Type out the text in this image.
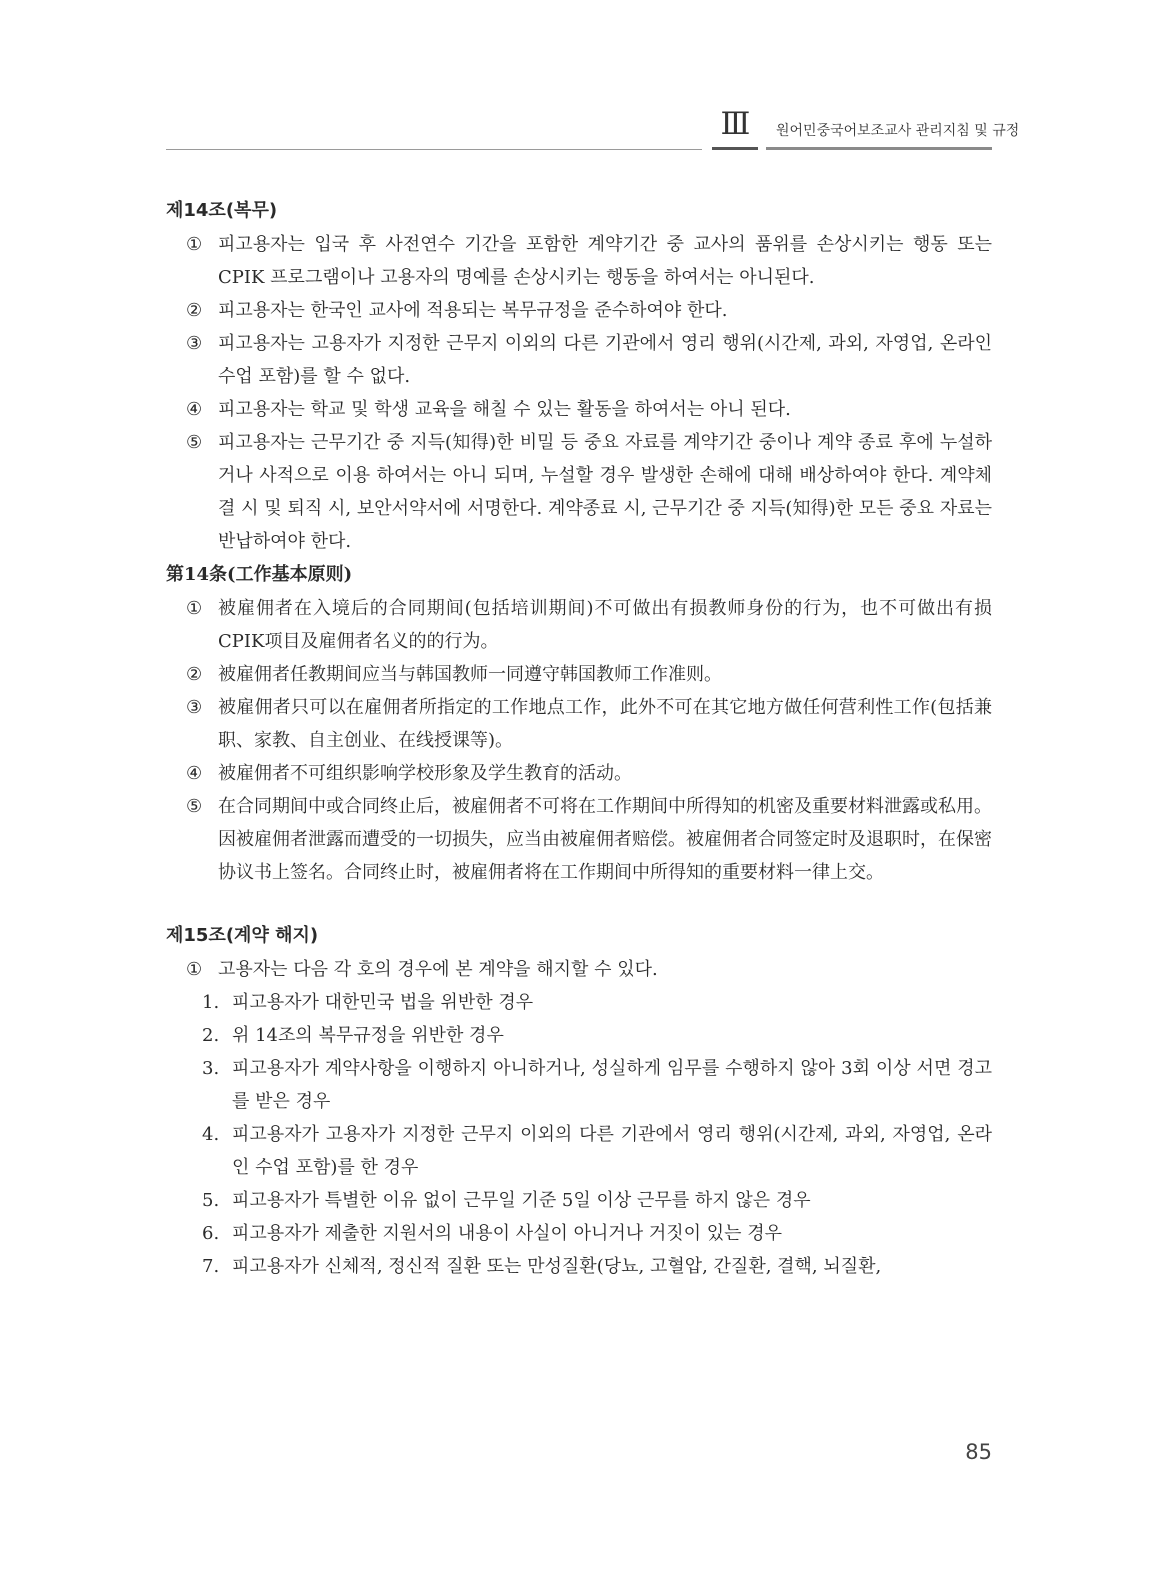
Ⅲ	원어민중국어보조교사 관리지침 및 규정
제14조(복무)
① 피고용자는 입국 후 사전연수 기간을 포함한 계약기간 중 교사의 품위를 손상시키는 행동 또는 CPIK 프로그램이나 고용자의 명예를 손상시키는 행동을 하여서는 아니된다.
② 피고용자는 한국인 교사에 적용되는 복무규정을 준수하여야 한다.
③ 피고용자는 고용자가 지정한 근무지 이외의 다른 기관에서 영리 행위(시간제, 과외, 자영업, 온라인 수업 포함)를 할 수 없다.
④ 피고용자는 학교 및 학생 교육을 해칠 수 있는 활동을 하여서는 아니 된다.
⑤ 피고용자는 근무기간 중 지득(知得)한 비밀 등 중요 자료를 계약기간 중이나 계약 종료 후에 누설하거나 사적으로 이용 하여서는 아니 되며, 누설할 경우 발생한 손해에 대해 배상하여야 한다. 계약체결 시 및 퇴직 시, 보안서약서에 서명한다. 계약종료 시, 근무기간 중 지득(知得)한 모든 중요 자료는 반납하여야 한다.
第14条(工作基本原则)
① 被雇佣者在入境后的合同期间(包括培训期间)不可做出有损教师身份的行为，也不可做出有损CPIK项目及雇佣者名义的的行为。
② 被雇佣者任教期间应当与韩国教师一同遵守韩国教师工作准则。
③ 被雇佣者只可以在雇佣者所指定的工作地点工作，此外不可在其它地方做任何营利性工作(包括兼职、家教、自主创业、在线授课等)。
④ 被雇佣者不可组织影响学校形象及学生教育的活动。
⑤ 在合同期间中或合同终止后，被雇佣者不可将在工作期间中所得知的机密及重要材料泄露或私用。因被雇佣者泄露而遭受的一切损失，应当由被雇佣者赔偿。被雇佣者合同签定时及退职时，在保密协议书上签名。合同终止时，被雇佣者将在工作期间中所得知的重要材料一律上交。
제15조(계약 해지)
① 고용자는 다음 각 호의 경우에 본 계약을 해지할 수 있다.
1. 피고용자가 대한민국 법을 위반한 경우
2. 위 14조의 복무규정을 위반한 경우
3. 피고용자가 계약사항을 이행하지 아니하거나, 성실하게 임무를 수행하지 않아 3회 이상 서면 경고를 받은 경우
4. 피고용자가 고용자가 지정한 근무지 이외의 다른 기관에서 영리 행위(시간제, 과외, 자영업, 온라인 수업 포함)를 한 경우
5. 피고용자가 특별한 이유 없이 근무일 기준 5일 이상 근무를 하지 않은 경우
6. 피고용자가 제출한 지원서의 내용이 사실이 아니거나 거짓이 있는 경우
7. 피고용자가 신체적, 정신적 질환 또는 만성질환(당뇨, 고혈압, 간질환, 결핵, 뇌질환,
85
